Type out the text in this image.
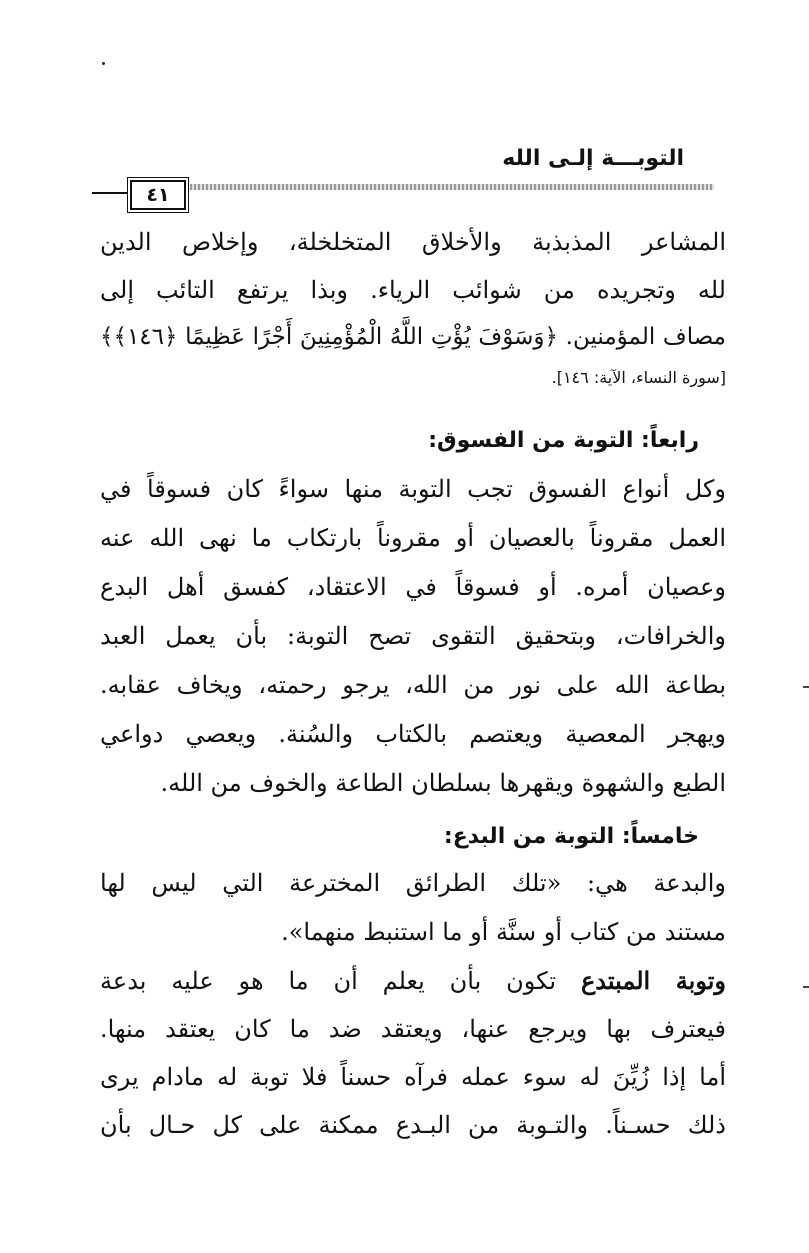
التوبـــة إلـى الله
٤١
المشاعر المذبذبة والأخلاق المتخلخلة، وإخلاص الدين
لله وتجريده من شوائب الرياء. وبذا يرتفع التائب إلى
مصاف المؤمنين. ﴿وَسَوْفَ يُؤْتِ اللَّهُ الْمُؤْمِنِينَ أَجْرًا عَظِيمًا ﴿١٤٦﴾﴾
[سورة النساء، الآية: ١٤٦].
رابعاً: التوبة من الفسوق:
وكل أنواع الفسوق تجب التوبة منها سواءً كان فسوقاً في
العمل مقروناً بالعصيان أو مقروناً بارتكاب ما نهى الله عنه
وعصيان أمره. أو فسوقاً في الاعتقاد، كفسق أهل البدع
والخرافات، وبتحقيق التقوى تصح التوبة: بأن يعمل العبد
بطاعة الله على نور من الله، يرجو رحمته، ويخاف عقابه.
ويهجر المعصية ويعتصم بالكتاب والسُنة. ويعصي دواعي
الطبع والشهوة ويقهرها بسلطان الطاعة والخوف من الله.
خامساً: التوبة من البدع:
والبدعة هي: «تلك الطرائق المخترعة التي ليس لها
مستند من كتاب أو سنَّة أو ما استنبط منهما».
وتوبة المبتدع تكون بأن يعلم أن ما هو عليه بدعة
فيعترف بها ويرجع عنها، ويعتقد ضد ما كان يعتقد منها.
أما إذا زُيِّنَ له سوء عمله فرآه حسناً فلا توبة له مادام يرى
ذلك حسـناً. والتـوبة من البـدع ممكنة على كل حـال بأن
